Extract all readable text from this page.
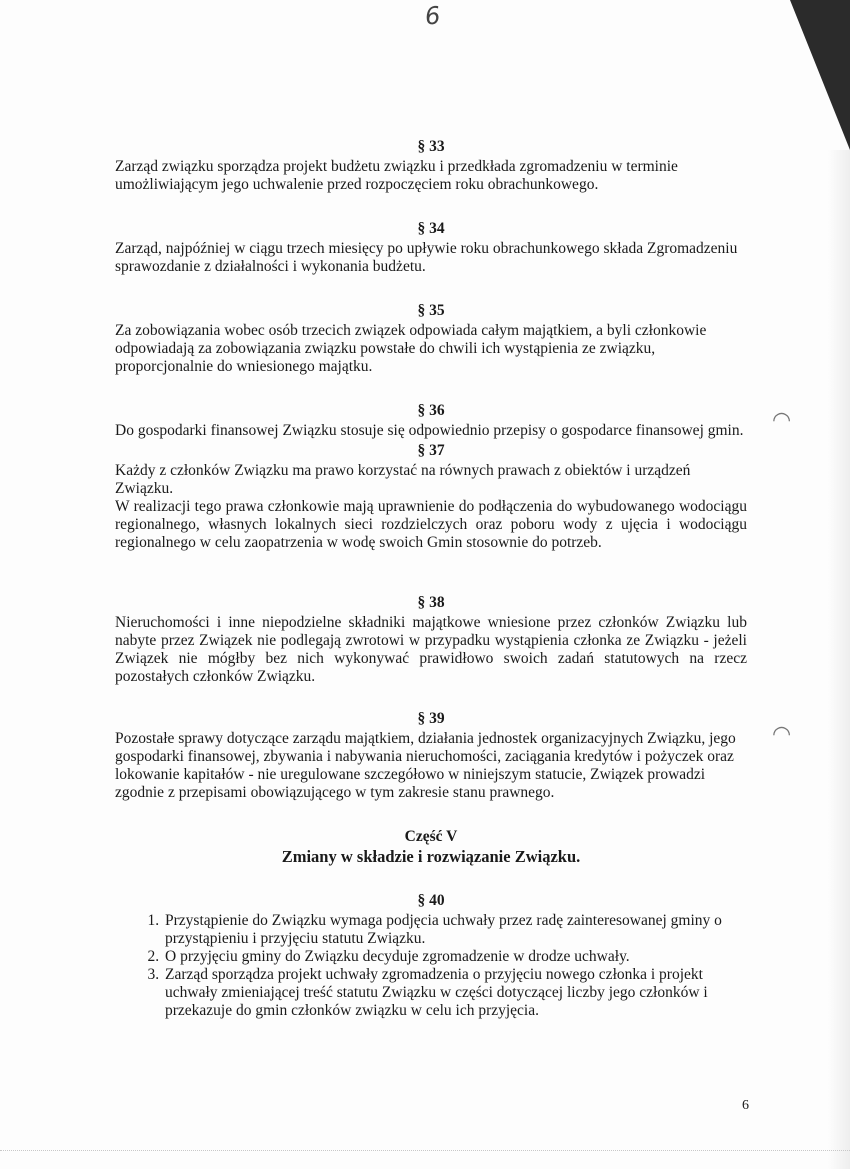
6
◠
◠

§ 33

Zarząd związku sporządza projekt budżetu związku i przedkłada zgromadzeniu w terminie umożliwiającym jego uchwalenie przed rozpoczęciem roku obrachunkowego.

§ 34

Zarząd, najpóźniej w ciągu trzech miesięcy po upływie roku obrachunkowego składa Zgromadzeniu sprawozdanie z działalności i wykonania budżetu.

§ 35

Za zobowiązania wobec osób trzecich związek odpowiada całym majątkiem, a byli członkowie odpowiadają za zobowiązania związku powstałe do chwili ich wystąpienia ze związku, proporcjonalnie do wniesionego majątku.

§ 36

Do gospodarki finansowej Związku stosuje się odpowiednio przepisy o gospodarce finansowej gmin.

§ 37

Każdy z członków Związku ma prawo korzystać na równych prawach z obiektów i urządzeń Związku.

W realizacji tego prawa członkowie mają uprawnienie do podłączenia do wybudowanego wodociągu regionalnego, własnych lokalnych sieci rozdzielczych oraz poboru wody z ujęcia i wodociągu regionalnego w celu zaopatrzenia w wodę swoich Gmin stosownie do potrzeb.

§ 38

Nieruchomości i inne niepodzielne składniki majątkowe wniesione przez członków Związku lub nabyte przez Związek nie podlegają zwrotowi w przypadku wystąpienia członka ze Związku - jeżeli Związek nie mógłby bez nich wykonywać prawidłowo swoich zadań statutowych na rzecz pozostałych członków Związku.

§ 39

Pozostałe sprawy dotyczące zarządu majątkiem, działania jednostek organizacyjnych Związku, jego gospodarki finansowej, zbywania i nabywania nieruchomości, zaciągania kredytów i pożyczek oraz lokowanie kapitałów - nie uregulowane szczegółowo w niniejszym statucie, Związek prowadzi zgodnie z przepisami obowiązującego w tym zakresie stanu prawnego.

Część V

Zmiany w składzie i rozwiązanie Związku.

§ 40

1. Przystąpienie do Związku wymaga podjęcia uchwały przez radę zainteresowanej gminy o przystąpieniu i przyjęciu statutu Związku.
2. O przyjęciu gminy do Związku decyduje zgromadzenie w drodze uchwały.
3. Zarząd sporządza projekt uchwały zgromadzenia o przyjęciu nowego członka i projekt uchwały zmieniającej treść statutu Związku w części dotyczącej liczby jego członków i przekazuje do gmin członków związku w celu ich przyjęcia.
6
